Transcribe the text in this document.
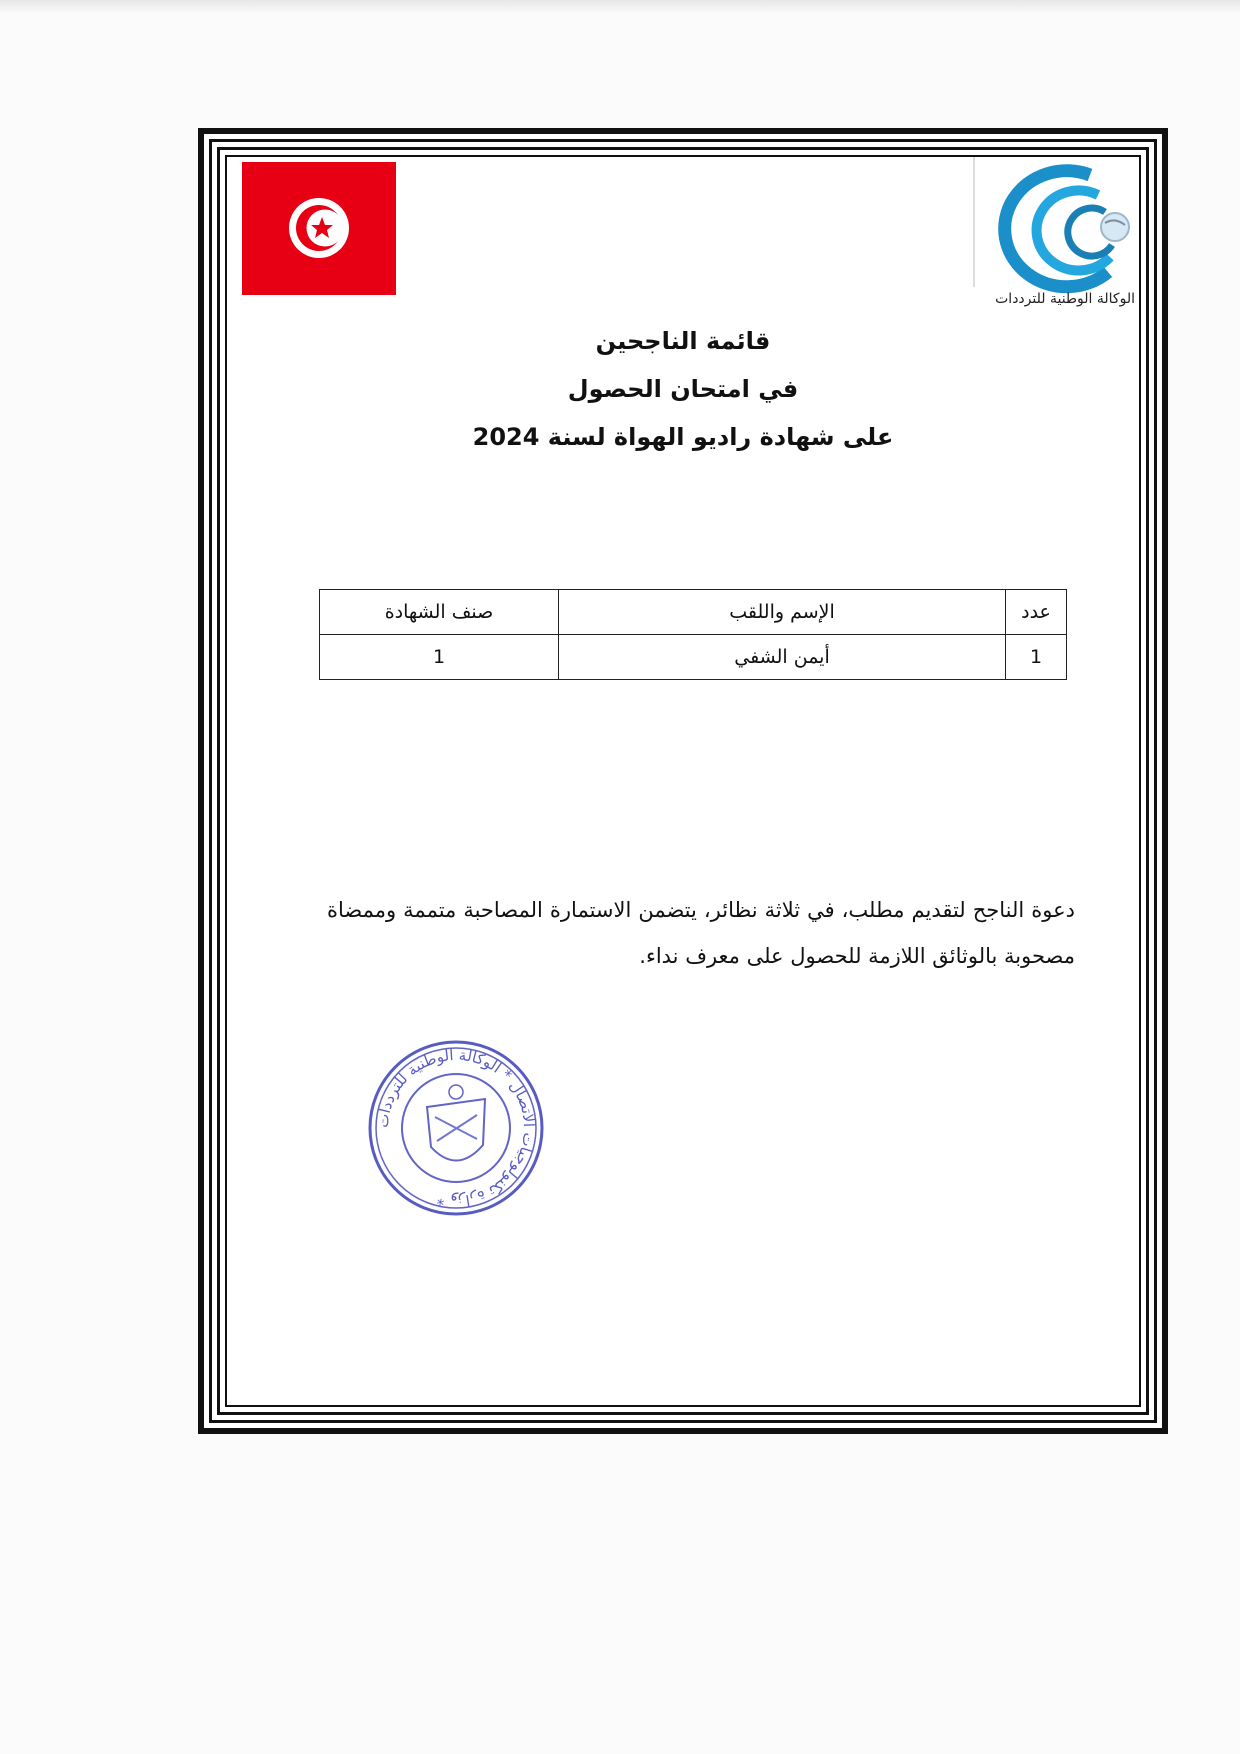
الوكالة الوطنية للترددات
قائمة الناجحين
في امتحان الحصول
على شهادة راديو الهواة لسنة 2024
عدد	الإسم واللقب	صنف الشهادة
1	أيمن الشفي	1
دعوة الناجح لتقديم مطلب، في ثلاثة نظائر، يتضمن الاستمارة المصاحبة متممة وممضاة مصحوبة بالوثائق اللازمة للحصول على معرف نداء.
وزارة تكنولوجيات الاتصال * الوكالة الوطنية للترددات *
